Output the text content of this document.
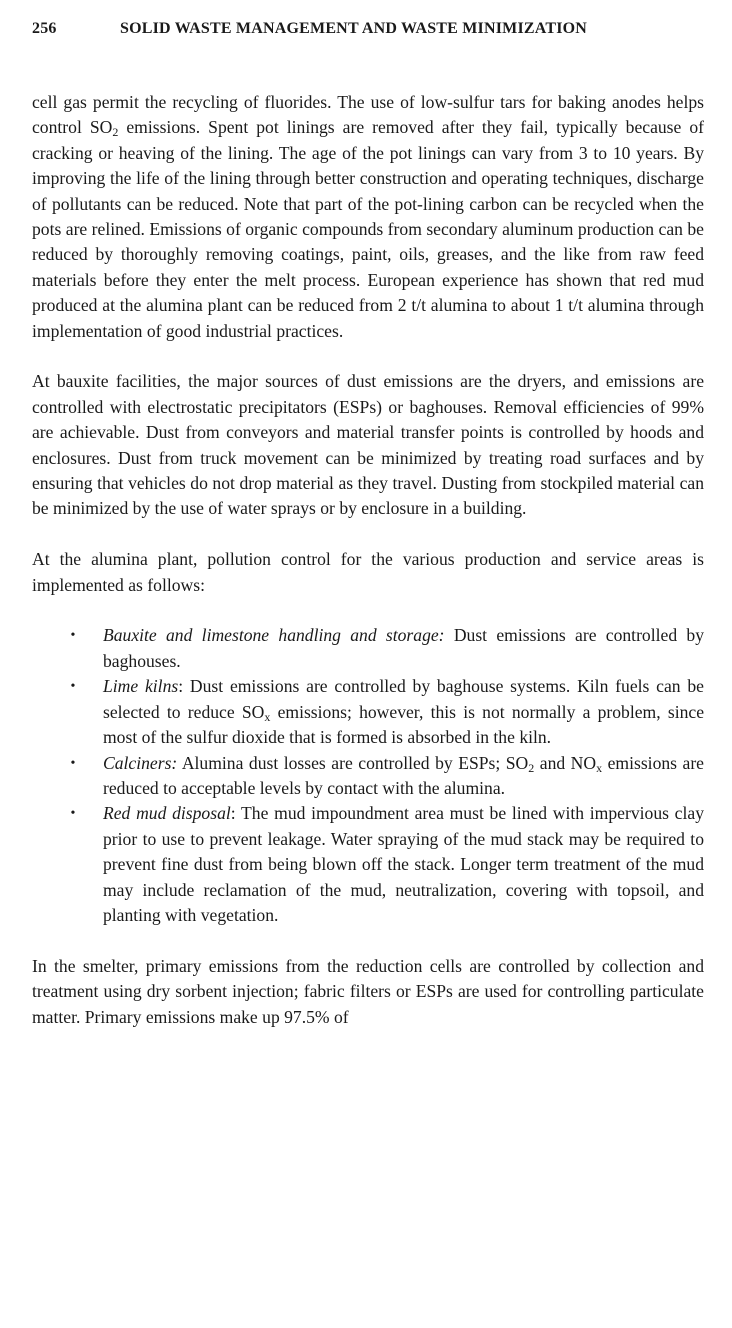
256	SOLID WASTE MANAGEMENT AND WASTE MINIMIZATION

cell gas permit the recycling of fluorides. The use of low-sulfur tars for baking anodes helps control $SO_2$ emissions. Spent pot linings are removed after they fail, typically because of cracking or heaving of the lining. The age of the pot linings can vary from 3 to 10 years. By improving the life of the lining through better construction and operating techniques, discharge of pollutants can be reduced. Note that part of the pot-lining carbon can be recycled when the pots are relined. Emissions of organic compounds from secondary aluminum production can be reduced by thoroughly removing coatings, paint, oils, greases, and the like from raw feed materials before they enter the melt process. European experience has shown that red mud produced at the alumina plant can be reduced from 2 t/t alumina to about 1 t/t alumina through implementation of good industrial practices.

At bauxite facilities, the major sources of dust emissions are the dryers, and emissions are controlled with electrostatic precipitators (ESPs) or baghouses. Removal efficiencies of 99% are achievable. Dust from conveyors and material transfer points is controlled by hoods and enclosures. Dust from truck movement can be minimized by treating road surfaces and by ensuring that vehicles do not drop material as they travel. Dusting from stockpiled material can be minimized by the use of water sprays or by enclosure in a building.

At the alumina plant, pollution control for the various production and service areas is implemented as follows:

• Bauxite and limestone handling and storage: Dust emissions are controlled by baghouses.
• Lime kilns: Dust emissions are controlled by baghouse systems. Kiln fuels can be selected to reduce $SO_x$ emissions; however, this is not normally a problem, since most of the sulfur dioxide that is formed is absorbed in the kiln.
• Calciners: Alumina dust losses are controlled by ESPs; $SO_2$ and $NO_x$ emissions are reduced to acceptable levels by contact with the alumina.
• Red mud disposal: The mud impoundment area must be lined with impervious clay prior to use to prevent leakage. Water spraying of the mud stack may be required to prevent fine dust from being blown off the stack. Longer term treatment of the mud may include reclamation of the mud, neutralization, covering with topsoil, and planting with vegetation.

In the smelter, primary emissions from the reduction cells are controlled by collection and treatment using dry sorbent injection; fabric filters or ESPs are used for controlling particulate matter. Primary emissions make up 97.5% of
